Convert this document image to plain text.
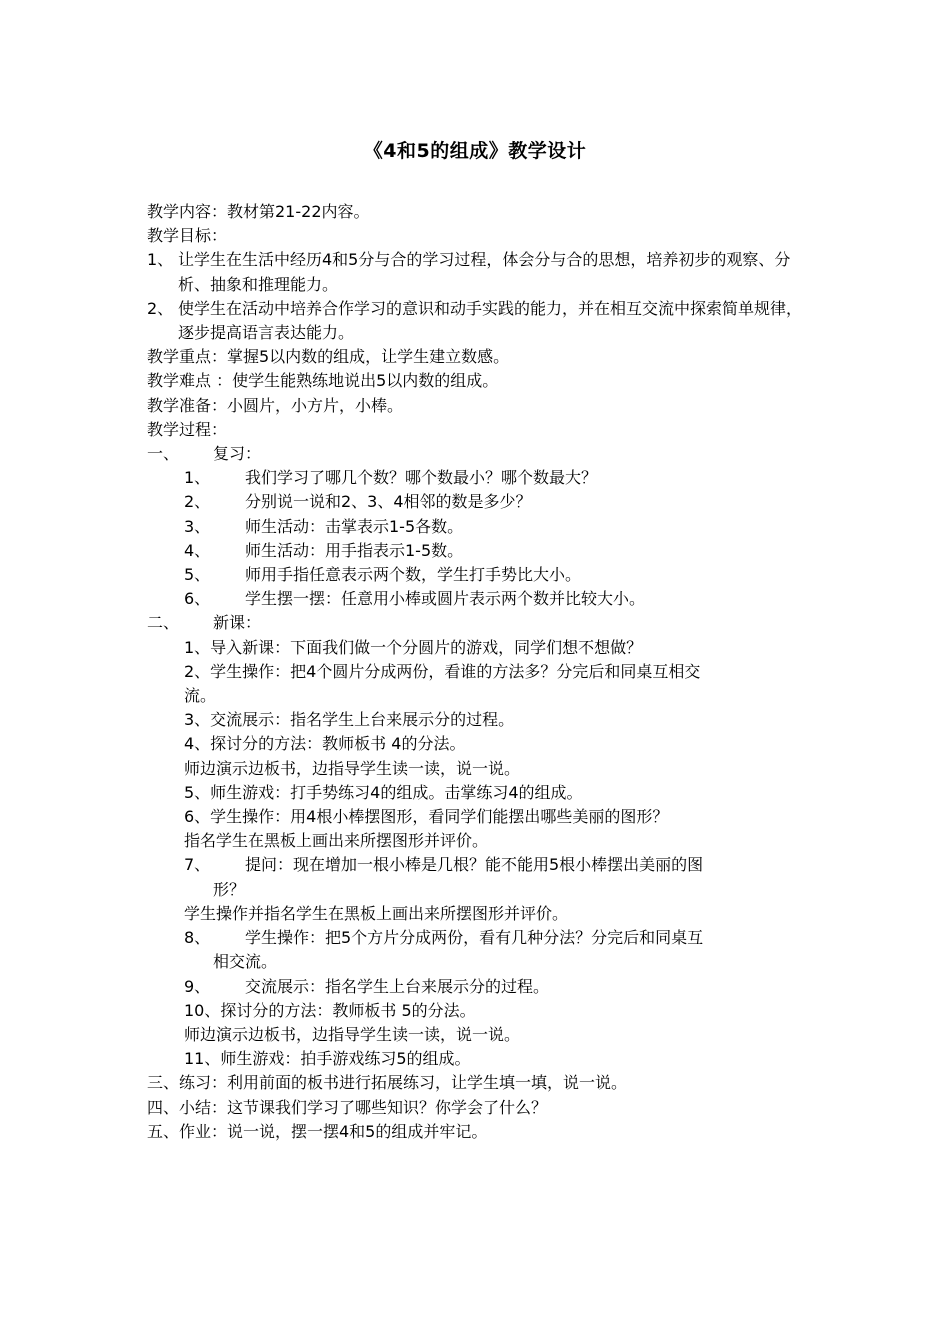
《4和5的组成》教学设计

教学内容：教材第21-22内容。

教学目标：

1、 让学生在生活中经历4和5分与合的学习过程，体会分与合的思想，培养初步的观察、分析、抽象和推理能力。
2、 使学生在活动中培养合作学习的意识和动手实践的能力，并在相互交流中探索简单规律，逐步提高语言表达能力。

教学重点：掌握5以内数的组成，让学生建立数感。

教学难点 ：使学生能熟练地说出5以内数的组成。

教学准备：小圆片，小方片，小棒。

教学过程：

一、	复习：
1、	我们学习了哪几个数？哪个数最小？哪个数最大？
2、	分别说一说和2、3、4相邻的数是多少？
3、	师生活动：击掌表示1-5各数。
4、	师生活动：用手指表示1-5数。
5、	师用手指任意表示两个数，学生打手势比大小。
6、	学生摆一摆：任意用小棒或圆片表示两个数并比较大小。
二、	新课：

1、导入新课：下面我们做一个分圆片的游戏，同学们想不想做？

2、学生操作：把4个圆片分成两份，看谁的方法多？分完后和同桌互相交

流。

3、交流展示：指名学生上台来展示分的过程。

4、探讨分的方法：教师板书 4的分法。

师边演示边板书，边指导学生读一读，说一说。

5、师生游戏：打手势练习4的组成。击掌练习4的组成。

6、学生操作：用4根小棒摆图形，看同学们能摆出哪些美丽的图形？

指名学生在黑板上画出来所摆图形并评价。

7、	提问：现在增加一根小棒是几根？能不能用5根小棒摆出美丽的图

形？

学生操作并指名学生在黑板上画出来所摆图形并评价。

8、	学生操作：把5个方片分成两份，看有几种分法？分完后和同桌互

相交流。

9、	交流展示：指名学生上台来展示分的过程。

10、探讨分的方法：教师板书 5的分法。

师边演示边板书，边指导学生读一读，说一说。

11、师生游戏：拍手游戏练习5的组成。

三、练习：利用前面的板书进行拓展练习，让学生填一填，说一说。

四、小结：这节课我们学习了哪些知识？你学会了什么？

五、作业：说一说，摆一摆4和5的组成并牢记。
